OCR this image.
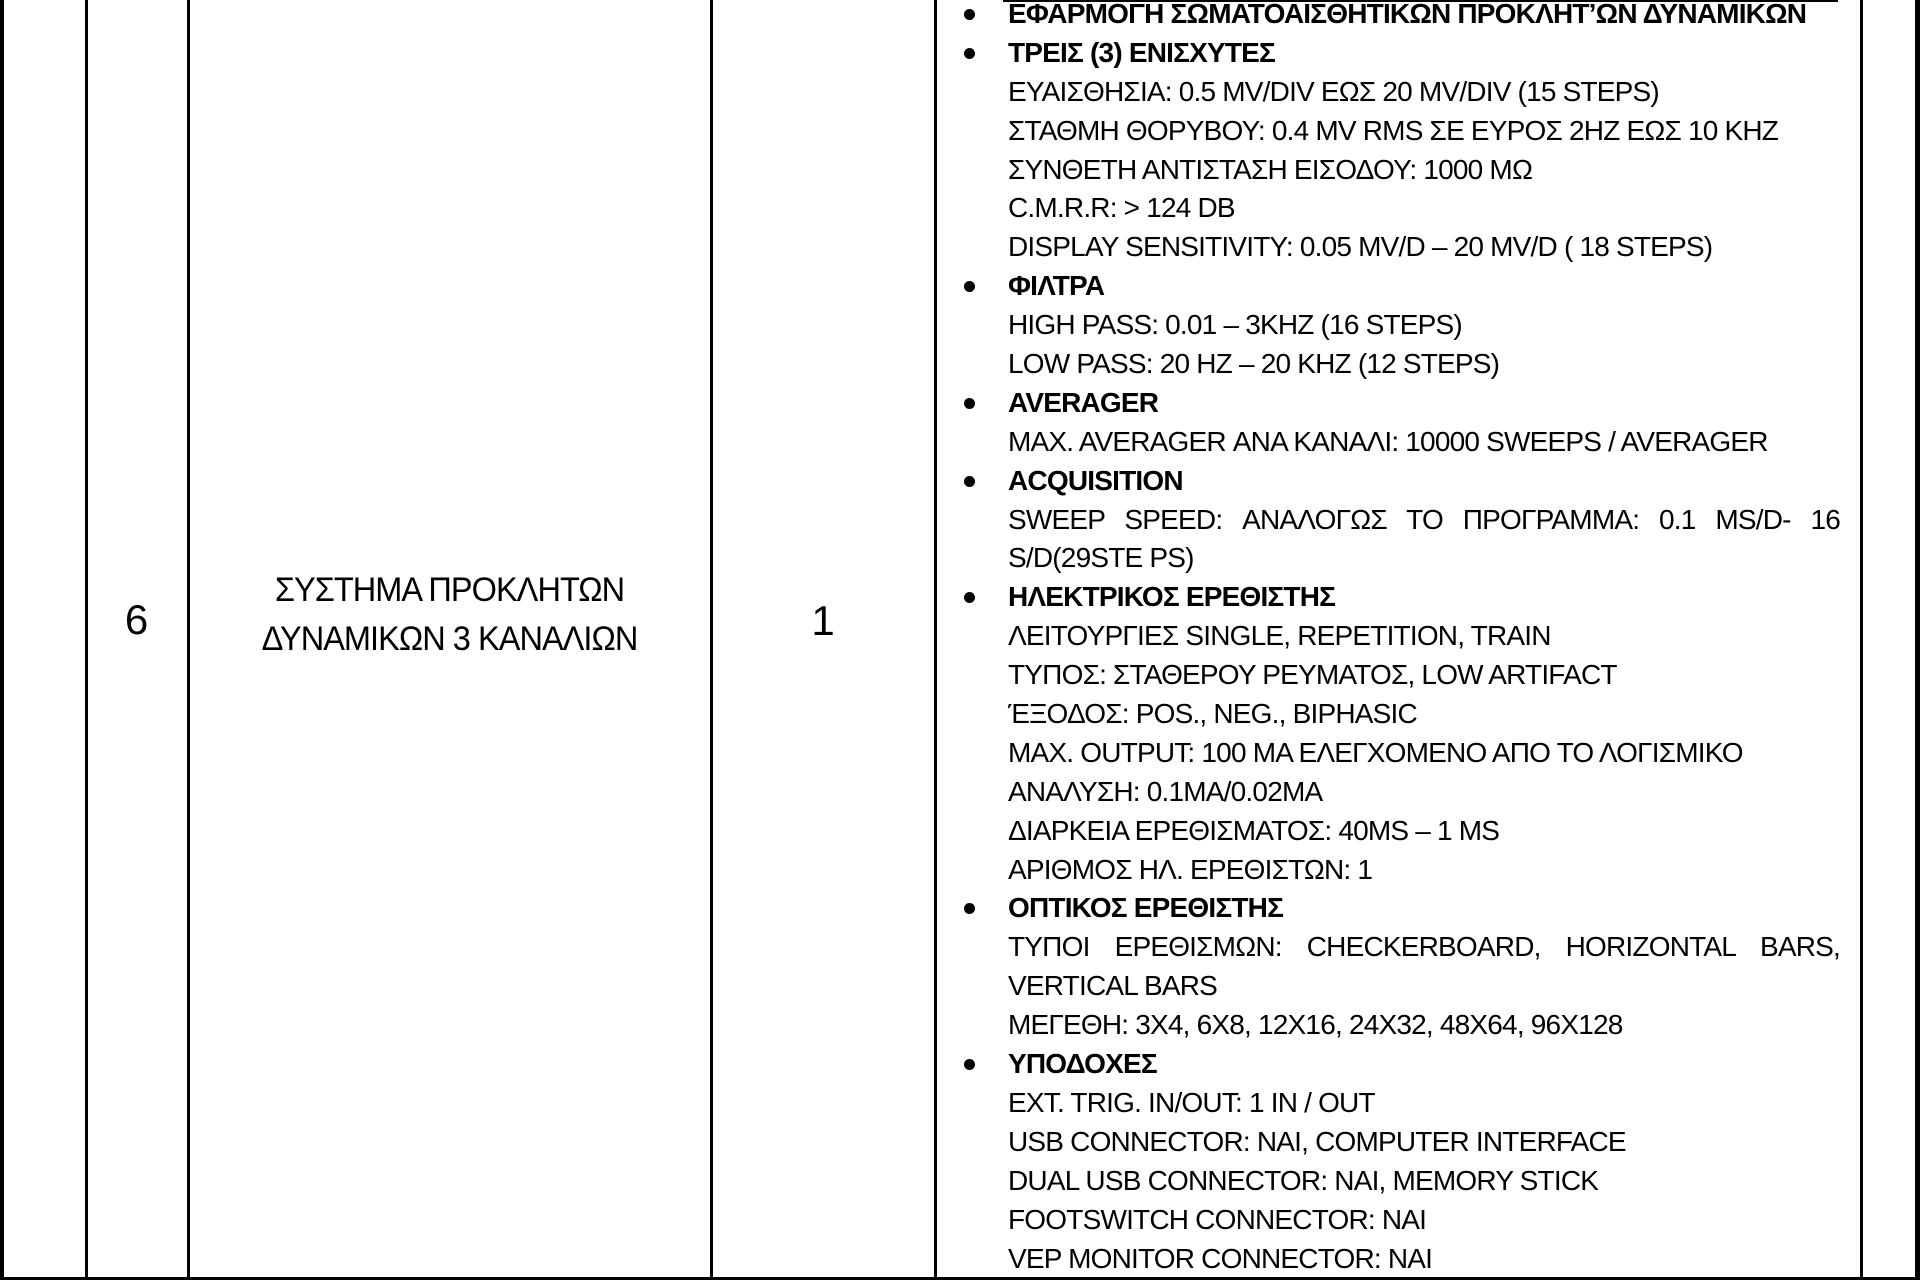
6
ΣΥΣΤΗΜΑ ΠΡΟΚΛΗΤΩΝ
ΔΥΝΑΜΙΚΩΝ 3 ΚΑΝΑΛΙΩΝ	1
ΕΦΑΡΜΟΓΗ ΣΩΜΑΤΟΑΙΣΘΗΤΙΚΩΝ ΠΡΟΚΛΗΤ’ΩΝ ΔΥΝΑΜΙΚΩΝ
ΤΡΕΙΣ (3) ΕΝΙΣΧΥΤΕΣ
ΕΥΑΙΣΘΗΣΙΑ: 0.5 MV/DIV ΕΩΣ 20 MV/DIV (15 STEPS)
ΣΤΑΘΜΗ ΘΟΡΥΒΟΥ: 0.4 MV RMS ΣΕ ΕΥΡΟΣ 2HZ ΕΩΣ 10 KHZ
ΣΥΝΘΕΤΗ ΑΝΤΙΣΤΑΣΗ ΕΙΣΟΔΟΥ: 1000 ΜΩ
C.M.R.R: > 124 DB
DISPLAY SENSITIVITY: 0.05 MV/D – 20 MV/D ( 18 STEPS)
ΦΙΛΤΡΑ
HIGH PASS: 0.01 – 3KHZ (16 STEPS)
LOW PASS: 20 HZ – 20 KHZ (12 STEPS)
AVERAGER
MAX. AVERAGER ΑΝΑ ΚΑΝΑΛΙ: 10000 SWEEPS / AVERAGER
ACQUISITION
SWEEP SPEED: ΑΝΑΛΟΓΩΣ ΤΟ ΠΡΟΓΡΑΜΜΑ: 0.1 MS/D- 16
S/D(29STE PS)
ΗΛΕΚΤΡΙΚΟΣ ΕΡΕΘΙΣΤΗΣ
ΛΕΙΤΟΥΡΓΙΕΣ SINGLE, REPETITION, TRAIN
ΤΥΠΟΣ: ΣΤΑΘΕΡΟΥ ΡΕΥΜΑΤΟΣ, LOW ARTIFACT
ΈΞΟΔΟΣ: POS., NEG., BIPHASIC
MAX. OUTPUT: 100 MA ΕΛΕΓΧΟΜΕΝΟ ΑΠΟ ΤΟ ΛΟΓΙΣΜΙΚΟ
ΑΝΑΛΥΣΗ: 0.1ΜΑ/0.02ΜΑ
ΔΙΑΡΚΕΙΑ ΕΡΕΘΙΣΜΑΤΟΣ: 40MS – 1 MS
ΑΡΙΘΜΟΣ ΗΛ. ΕΡΕΘΙΣΤΩΝ: 1
ΟΠΤΙΚΟΣ ΕΡΕΘΙΣΤΗΣ
ΤΥΠΟΙ ΕΡΕΘΙΣΜΩΝ: CHECKERBOARD, HORIZONTAL BARS,
VERTICAL BARS
ΜΕΓΕΘΗ: 3X4, 6X8, 12X16, 24X32, 48X64, 96X128
ΥΠΟΔΟΧΕΣ
EXT. TRIG. IN/OUT: 1 IN / OUT
USB CONNECTOR: NAI, COMPUTER INTERFACE
DUAL USB CONNECTOR: NAI, MEMORY STICK
FOOTSWITCH CONNECTOR: NAI
VEP MONITOR CONNECTOR: NAI
